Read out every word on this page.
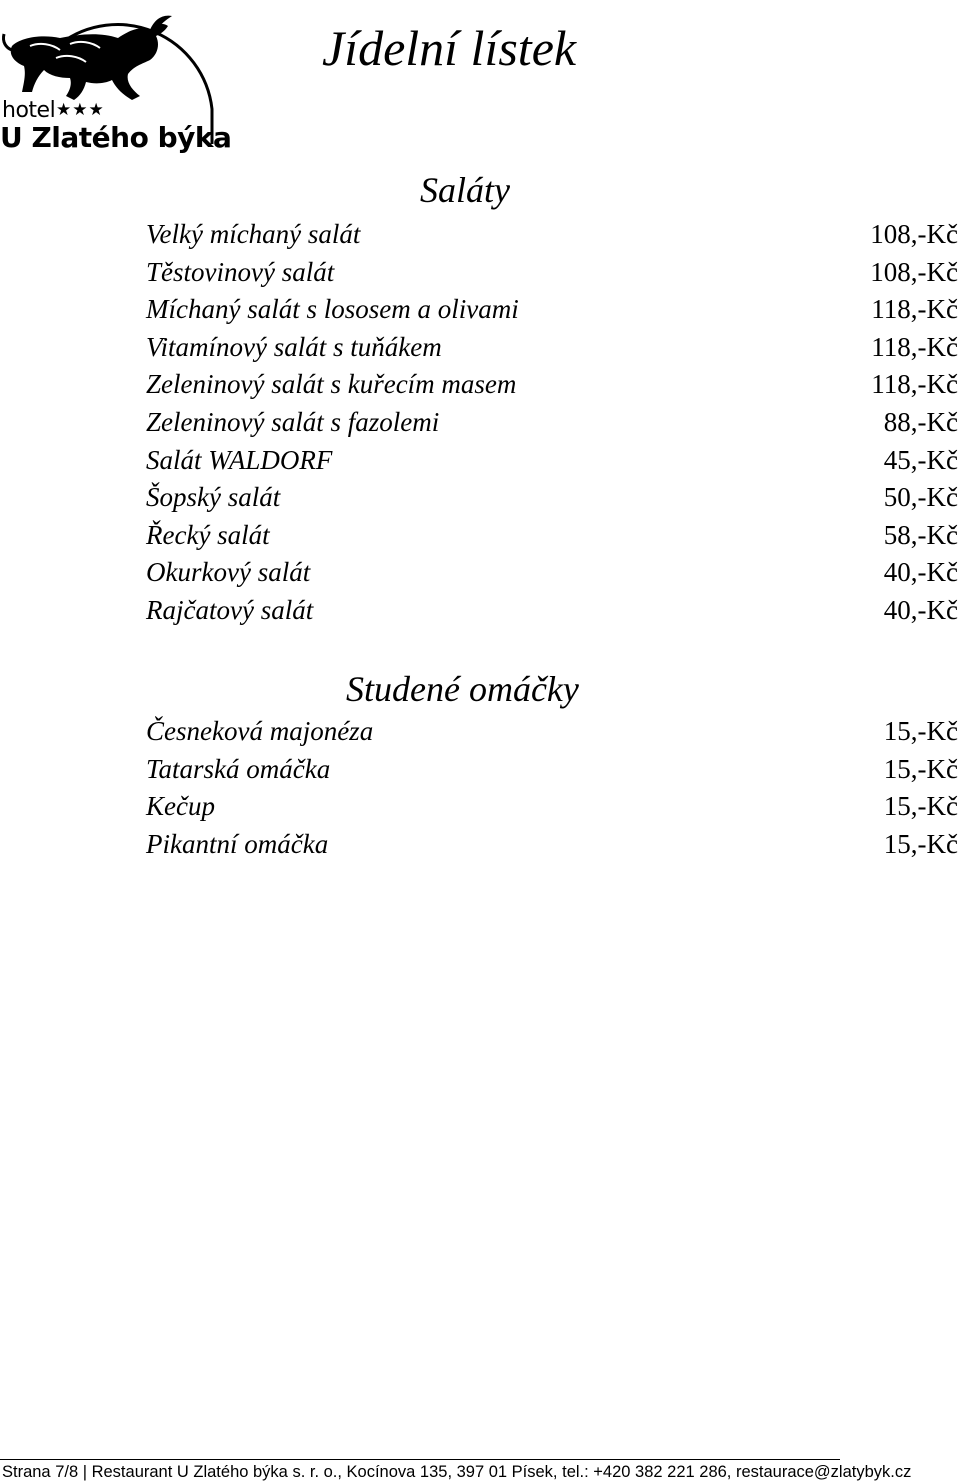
hotel ★★★
U Zlatého býka
Jídelní lístek
Saláty
Velký míchaný salát	108,-Kč
Těstovinový salát	108,-Kč
Míchaný salát s lososem a olivami	118,-Kč
Vitamínový salát s tuňákem	118,-Kč
Zeleninový salát s kuřecím masem	118,-Kč
Zeleninový salát s fazolemi	88,-Kč
Salát WALDORF	45,-Kč
Šopský salát	50,-Kč
Řecký salát	58,-Kč
Okurkový salát	40,-Kč
Rajčatový salát	40,-Kč
Studené omáčky
Česneková majonéza	15,-Kč
Tatarská omáčka	15,-Kč
Kečup	15,-Kč
Pikantní omáčka	15,-Kč
Strana 7/8 | Restaurant U Zlatého býka s. r. o., Kocínova 135, 397 01 Písek, tel.: +420 382 221 286, restaurace@zlatybyk.cz
